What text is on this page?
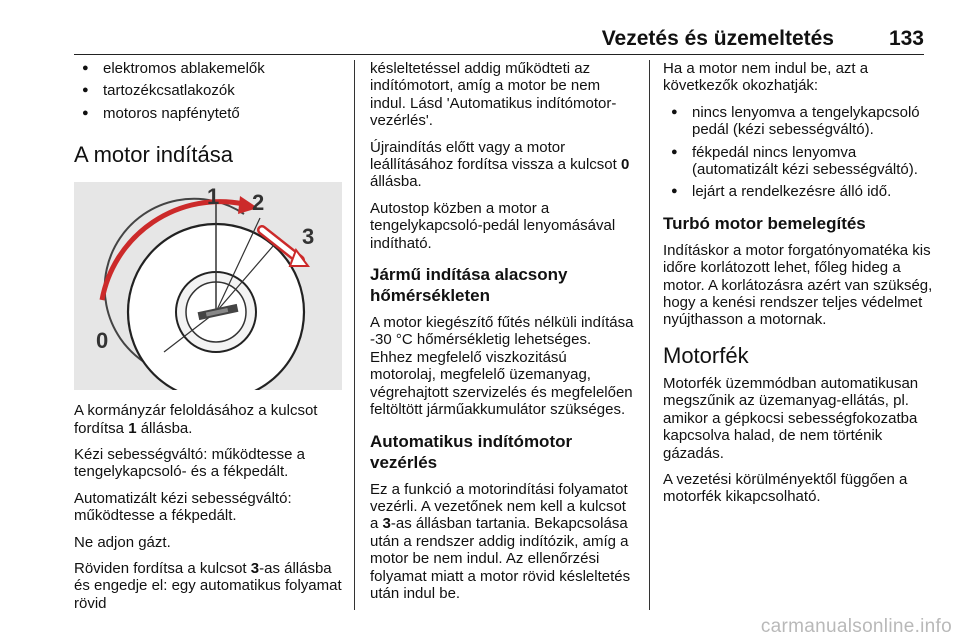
Vezetés és üzemeltetés	133
● elektromos ablakemelők
● tartozékcsatlakozók
● motoros napfénytető
A motor indítása
1 2
3
0

A kormányzár feloldásához a kulcsot fordítsa 1 állásba.

Kézi sebességváltó: működtesse a tengelykapcsoló- és a fékpedált.

Automatizált kézi sebességváltó: működtesse a fékpedált.

Ne adjon gázt.

Röviden fordítsa a kulcsot 3-as állásba és engedje el: egy automatikus folyamat rövid

késleltetéssel addig működteti az indítómotort, amíg a motor be nem indul. Lásd 'Automatikus indítómotor-vezérlés'.

Újraindítás előtt vagy a motor leállításához fordítsa vissza a kulcsot 0 állásba.

Autostop közben a motor a tengelykapcsoló-pedál lenyomásával indítható.

Jármű indítása alacsony hőmérsékleten

A motor kiegészítő fűtés nélküli indítása -30 °C hőmérsékletig lehetséges. Ehhez megfelelő viszkozitású motorolaj, megfelelő üzemanyag, végrehajtott szervizelés és megfelelően feltöltött járműakkumulátor szükséges.

Automatikus indítómotor vezérlés

Ez a funkció a motorindítási folyamatot vezérli. A vezetőnek nem kell a kulcsot a 3-as állásban tartania. Bekapcsolása után a rendszer addig indítózik, amíg a motor be nem indul. Az ellenőrzési folyamat miatt a motor rövid késleltetés után indul be.

Ha a motor nem indul be, azt a következők okozhatják:

● nincs lenyomva a tengelykapcsoló pedál (kézi sebességváltó).
● fékpedál nincs lenyomva (automatizált kézi sebességváltó).
● lejárt a rendelkezésre álló idő.
Turbó motor bemelegítés

Indításkor a motor forgatónyomatéka kis időre korlátozott lehet, főleg hideg a motor. A korlátozásra azért van szükség, hogy a kenési rendszer teljes védelmet nyújthasson a motornak.

Motorfék

Motorfék üzemmódban automatikusan megszűnik az üzemanyag-ellátás, pl. amikor a gépkocsi sebességfokozatba kapcsolva halad, de nem történik gázadás.

A vezetési körülményektől függően a motorfék kikapcsolható.

carmanualsonline.info
